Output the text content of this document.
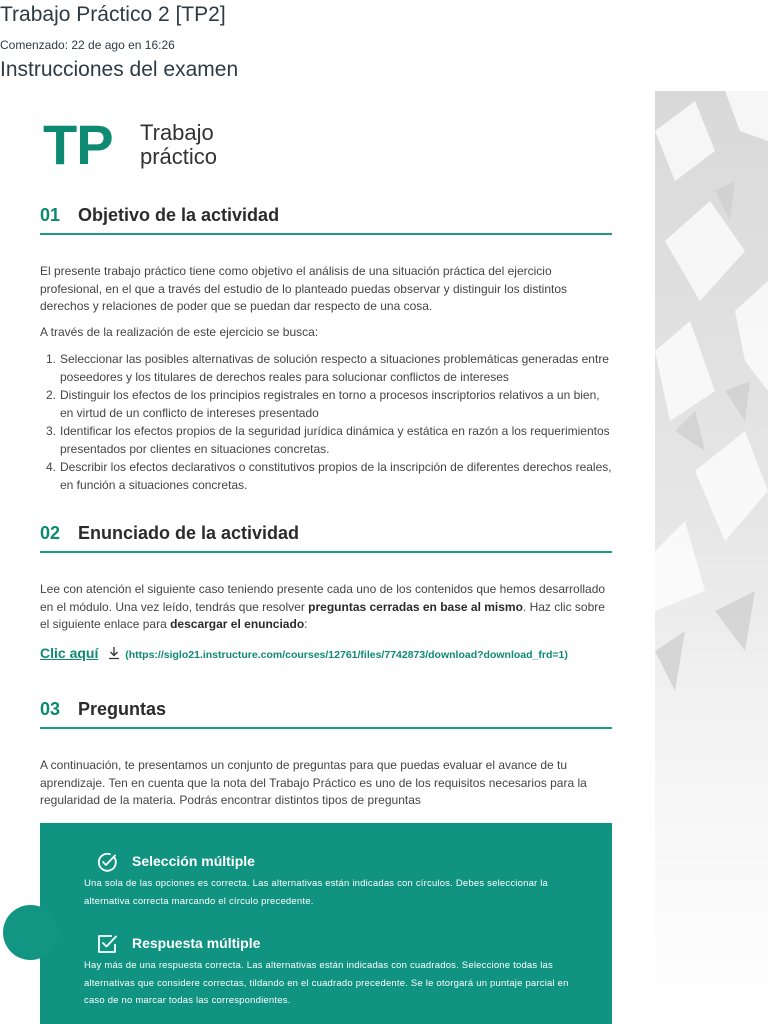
Trabajo Práctico 2 [TP2]
Comenzado: 22 de ago en 16:26
Instrucciones del examen
TP Trabajo
práctico
01 Objetivo de la actividad

El presente trabajo práctico tiene como objetivo el análisis de una situación práctica del ejercicio profesional, en el que a través del estudio de lo planteado puedas observar y distinguir los distintos derechos y relaciones de poder que se puedan dar respecto de una cosa.

A través de la realización de este ejercicio se busca:

1. Seleccionar las posibles alternativas de solución respecto a situaciones problemáticas generadas entre poseedores y los titulares de derechos reales para solucionar conflictos de intereses
2. Distinguir los efectos de los principios registrales en torno a procesos inscriptorios relativos a un bien, en virtud de un conflicto de intereses presentado
3. Identificar los efectos propios de la seguridad jurídica dinámica y estática en razón a los requerimientos presentados por clientes en situaciones concretas.
4. Describir los efectos declarativos o constitutivos propios de la inscripción de diferentes derechos reales, en función a situaciones concretas.
02 Enunciado de la actividad

Lee con atención el siguiente caso teniendo presente cada uno de los contenidos que hemos desarrollado en el módulo. Una vez leído, tendrás que resolver preguntas cerradas en base al mismo. Haz clic sobre el siguiente enlace para descargar el enunciado:

Clic aquí	(https://siglo21.instructure.com/courses/12761/files/7742873/download?download_frd=1)
03 Preguntas

A continuación, te presentamos un conjunto de preguntas para que puedas evaluar el avance de tu aprendizaje. Ten en cuenta que la nota del Trabajo Práctico es uno de los requisitos necesarios para la regularidad de la materia. Podrás encontrar distintos tipos de preguntas

Selección múltiple

Una sola de las opciones es correcta. Las alternativas están indicadas con círculos. Debes seleccionar la alternativa correcta marcando el círculo precedente.

Respuesta múltiple

Hay más de una respuesta correcta. Las alternativas están indicadas con cuadrados. Seleccione todas las alternativas que considere correctas, tildando en el cuadrado precedente. Se le otorgará un puntaje parcial en caso de no marcar todas las correspondientes.
